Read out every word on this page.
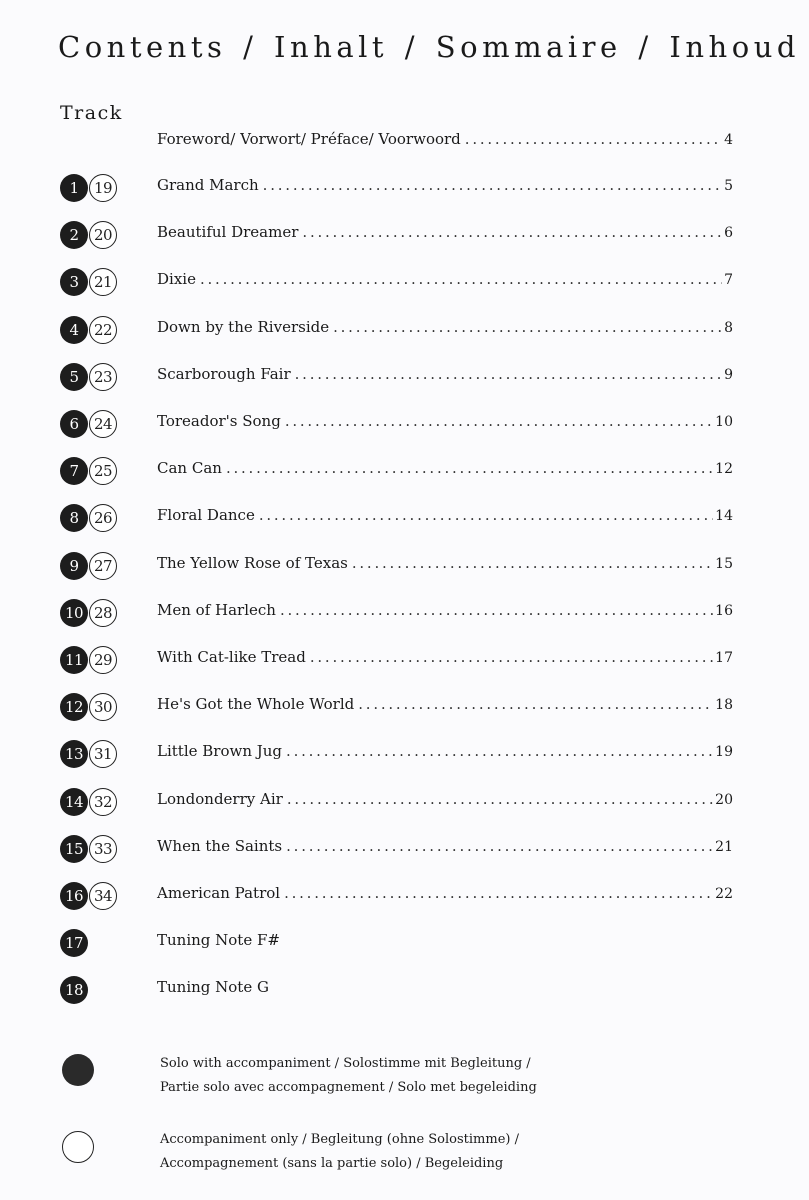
Contents / Inhalt / Sommaire / Inhoud
Track
Foreword/ Vorwort/ Préface/ Voorwoord . . .	4
1	19	Grand March . . .	5
2	20	Beautiful Dreamer . . .	6
3	21	Dixie . . .	7
4	22	Down by the Riverside . . .	8
5	23	Scarborough Fair . . .	9
6	24	Toreador's Song . . .	10
7	25	Can Can . . .	12
8	26	Floral Dance . . .	14
9	27	The Yellow Rose of Texas . . .	15
10 28	Men of Harlech . . .	16
11 29	With Cat-like Tread . . .	17
12 30	He's Got the Whole World . . .	18
13 31	Little Brown Jug . . .	19
14 32	Londonderry Air . . .	20
15 33	When the Saints . . .	21
16 34	American Patrol . . .	22
17	Tuning Note F#
18	Tuning Note G
Solo with accompaniment / Solostimme mit Begleitung /
Partie solo avec accompagnement / Solo met begeleiding
Accompaniment only / Begleitung (ohne Solostimme) /
Accompagnement (sans la partie solo) / Begeleiding
